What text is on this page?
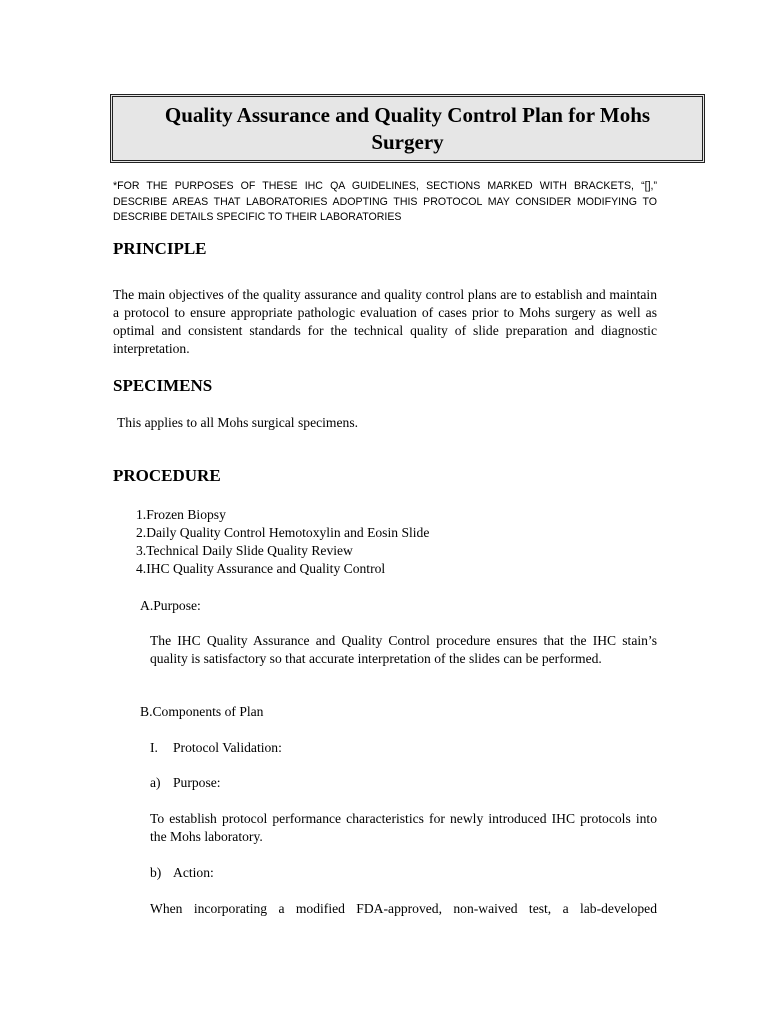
Quality Assurance and Quality Control Plan for Mohs Surgery
*FOR THE PURPOSES OF THESE IHC QA GUIDELINES, SECTIONS MARKED WITH BRACKETS, “[],” DESCRIBE AREAS THAT LABORATORIES ADOPTING THIS PROTOCOL MAY CONSIDER MODIFYING TO DESCRIBE DETAILS SPECIFIC TO THEIR LABORATORIES
PRINCIPLE
The main objectives of the quality assurance and quality control plans are to establish and maintain a protocol to ensure appropriate pathologic evaluation of cases prior to Mohs surgery as well as optimal and consistent standards for the technical quality of slide preparation and diagnostic interpretation.
SPECIMENS
This applies to all Mohs surgical specimens.
PROCEDURE
1.Frozen Biopsy
2.Daily Quality Control Hemotoxylin and Eosin Slide
3.Technical Daily Slide Quality Review
4.IHC Quality Assurance and Quality Control
A.Purpose:
The IHC Quality Assurance and Quality Control procedure ensures that the IHC stain’s quality is satisfactory so that accurate interpretation of the slides can be performed.
B.Components of Plan
I. Protocol Validation:
a) Purpose:
To establish protocol performance characteristics for newly introduced IHC protocols into the Mohs laboratory.
b) Action:
When incorporating a modified FDA-approved, non-waived test, a lab-developed
